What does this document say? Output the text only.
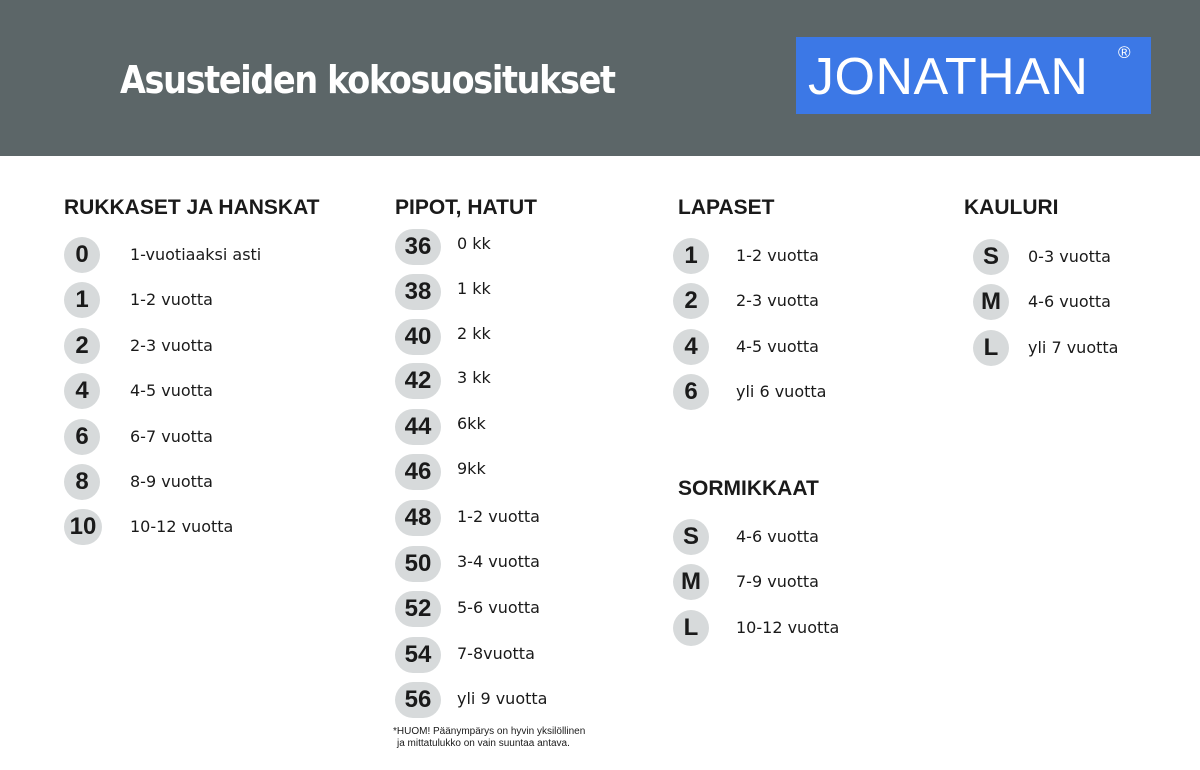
Asusteiden kokosuositukset	JONATHAN ®
RUKKASET JA HANSKAT	PIPOT, HATUT	LAPASET
SORMIKKAAT
KAULURI
0	1-vuotiaaksi asti
1	1-2 vuotta
2	2-3 vuotta
4	4-5 vuotta
6	6-7 vuotta
8	8-9 vuotta
10	10-12 vuotta
36	0 kk
38	1 kk
40	2 kk
42	3 kk
44	6kk
46	9kk
48	1-2 vuotta
50	3-4 vuotta
52	5-6 vuotta
54	7-8vuotta
56	yli 9 vuotta
*HUOM! Päänympärys on hyvin yksilöllinen
ja mittatulukko on vain suuntaa antava.
1	1-2 vuotta
2	2-3 vuotta
4	4-5 vuotta
6	yli 6 vuotta
S	4-6 vuotta
M	7-9 vuotta
L	10-12 vuotta
S	0-3 vuotta
M	4-6 vuotta
L	yli 7 vuotta
